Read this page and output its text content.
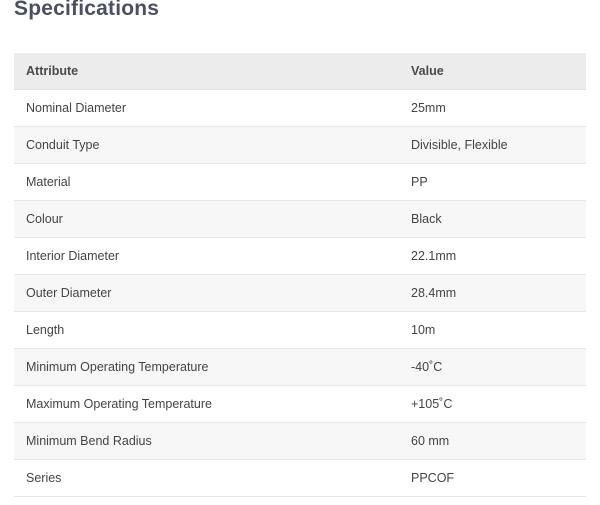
Specifications
Attribute	Value
Nominal Diameter	25mm
Conduit Type	Divisible, Flexible
Material	PP
Colour	Black
Interior Diameter	22.1mm
Outer Diameter	28.4mm
Length	10m
Minimum Operating Temperature	-40˚C
Maximum Operating Temperature	+105˚C
Minimum Bend Radius	60 mm
Series	PPCOF
